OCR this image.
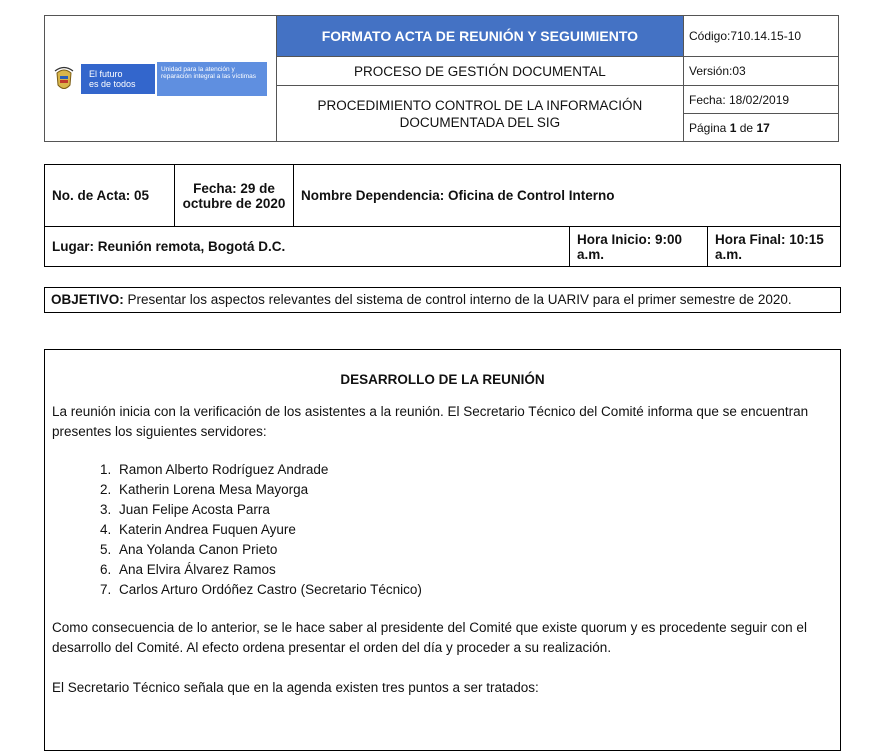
El futuro
es de todos
Unidad para la atención y reparación integral a las víctimas	FORMATO ACTA DE REUNIÓN Y SEGUIMIENTO	Código:710.14.15-10
	PROCESO DE GESTIÓN DOCUMENTAL	Versión:03
	PROCEDIMIENTO CONTROL DE LA INFORMACIÓN DOCUMENTADA DEL SIG	Fecha: 18/02/2019
		Página 1 de 17
No. de Acta: 05	Fecha: 29 de octubre de 2020	Nombre Dependencia: Oficina de Control Interno		
Lugar: Reunión remota, Bogotá D.C.			Hora Inicio: 9:00 a.m.	Hora Final: 10:15 a.m.
OBJETIVO: Presentar los aspectos relevantes del sistema de control interno de la UARIV para el primer semestre de 2020.
DESARROLLO DE LA REUNIÓN

La reunión inicia con la verificación de los asistentes a la reunión. El Secretario Técnico del Comité informa que se encuentran presentes los siguientes servidores:

1. Ramon Alberto Rodríguez Andrade
2. Katherin Lorena Mesa Mayorga
3. Juan Felipe Acosta Parra
4. Katerin Andrea Fuquen Ayure
5. Ana Yolanda Canon Prieto
6. Ana Elvira Álvarez Ramos
7. Carlos Arturo Ordóñez Castro (Secretario Técnico)

Como consecuencia de lo anterior, se le hace saber al presidente del Comité que existe quorum y es procedente seguir con el desarrollo del Comité. Al efecto ordena presentar el orden del día y proceder a su realización.

El Secretario Técnico señala que en la agenda existen tres puntos a ser tratados:
